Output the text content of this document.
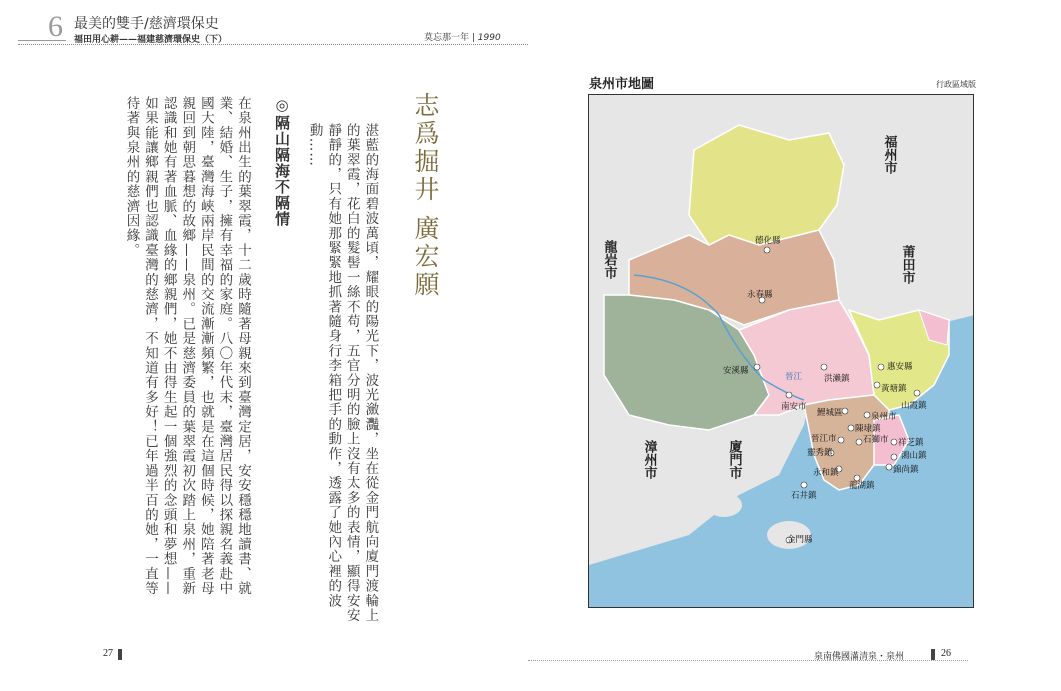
6 最美的雙手/慈濟環保史
福田用心耕——福建慈濟環保史（下）	莫忘那一年 | 1990
志爲掘井 廣宏願
湛藍的海面碧波萬頃，耀眼的陽光下，波光瀲灩，坐在從金門航向廈門渡輪上的葉翠霞，花白的髮髻一絲不苟，五官分明的臉上沒有太多的表情，顯得安安靜靜的，只有她那緊緊地抓著隨身行李箱把手的動作，透露了她內心裡的波動……
◎隔山隔海不隔情
在泉州出生的葉翠霞，十二歲時隨著母親來到臺灣定居，安安穩穩地讀書、就業、結婚、生子，擁有幸福的家庭。八〇年代末，臺灣居民得以探親名義赴中國大陸，臺灣海峽兩岸民間的交流漸漸頻繁，也就是在這個時候，她陪著老母親回到朝思暮想的故鄉——泉州。已是慈濟委員的葉翠霞初次踏上泉州，重新認識和她有著血脈、血緣的鄉親們，她不由得生起一個強烈的念頭和夢想——如果能讓鄉親們也認識臺灣的慈濟，不知道有多好！已年過半百的她，一直等待著與泉州的慈濟因緣。
27
泉州市地圖	行政區域版
福州市
莆田市
龍岩市
漳州市	廈門市
德化縣
永春縣
安溪縣	惠安縣
黃塘鎮
山霞鎮
洪瀨鎮
南安市
晉江
鯉城區	泉州市
陳埭鎮
晉江市	石獅市 祥芝鎮
靈秀鎮	鴻山鎮
錦尚鎮
永和鎮
龍湖鎮
石井鎮
金門縣
泉南佛國滿清泉・泉州	26
